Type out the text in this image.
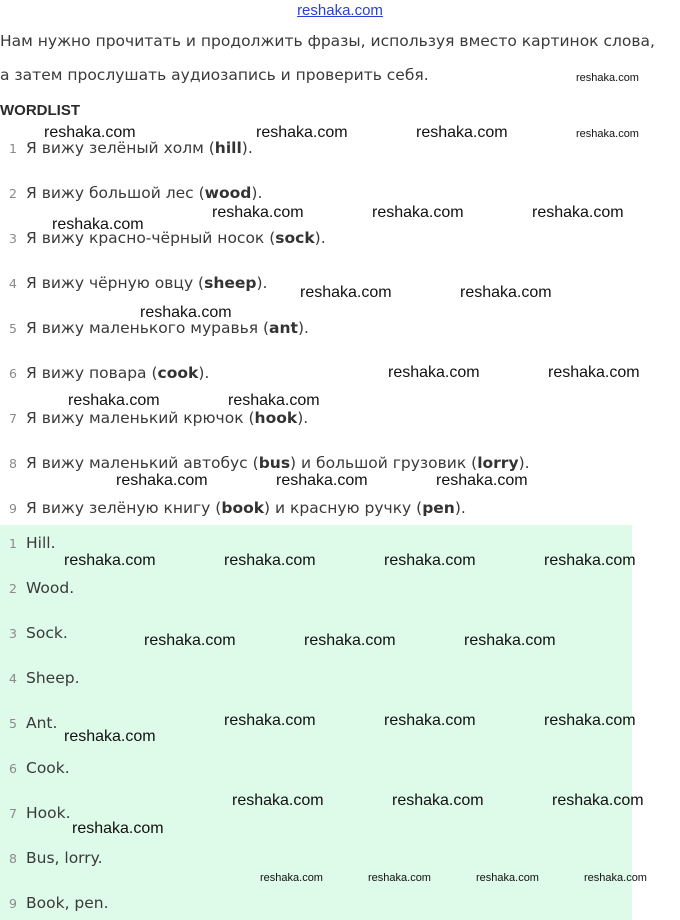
reshaka.com
Нам нужно прочитать и продолжить фразы, используя вместо картинок слова,
а затем прослушать аудиозапись и проверить себя.
WORDLIST
1 Я вижу зелёный холм (hill).
2 Я вижу большой лес (wood).
3 Я вижу красно-чёрный носок (sock).
4 Я вижу чёрную овцу (sheep).
5 Я вижу маленького муравья (ant).
6 Я вижу повара (cook).
7 Я вижу маленький крючок (hook).
8 Я вижу маленький автобус (bus) и большой грузовик (lorry).
9 Я вижу зелёную книгу (book) и красную ручку (pen).
1 Hill.
2 Wood.
3 Sock.
4 Sheep.
5 Ant.
6 Cook.
7 Hook.
8 Bus, lorry.
9 Book, pen.
reshaka.com
reshaka.com
reshaka.com	reshaka.com	reshaka.com
reshaka.com
reshaka.com	reshaka.com	reshaka.com
reshaka.com	reshaka.com
reshaka.com
reshaka.com	reshaka.com
reshaka.com	reshaka.com
reshaka.com	reshaka.com	reshaka.com
reshaka.com	reshaka.com	reshaka.com	reshaka.com
reshaka.com	reshaka.com	reshaka.com
reshaka.com	reshaka.com	reshaka.com
reshaka.com
reshaka.com	reshaka.com	reshaka.com
reshaka.com
reshaka.com	reshaka.com	reshaka.com	reshaka.com
